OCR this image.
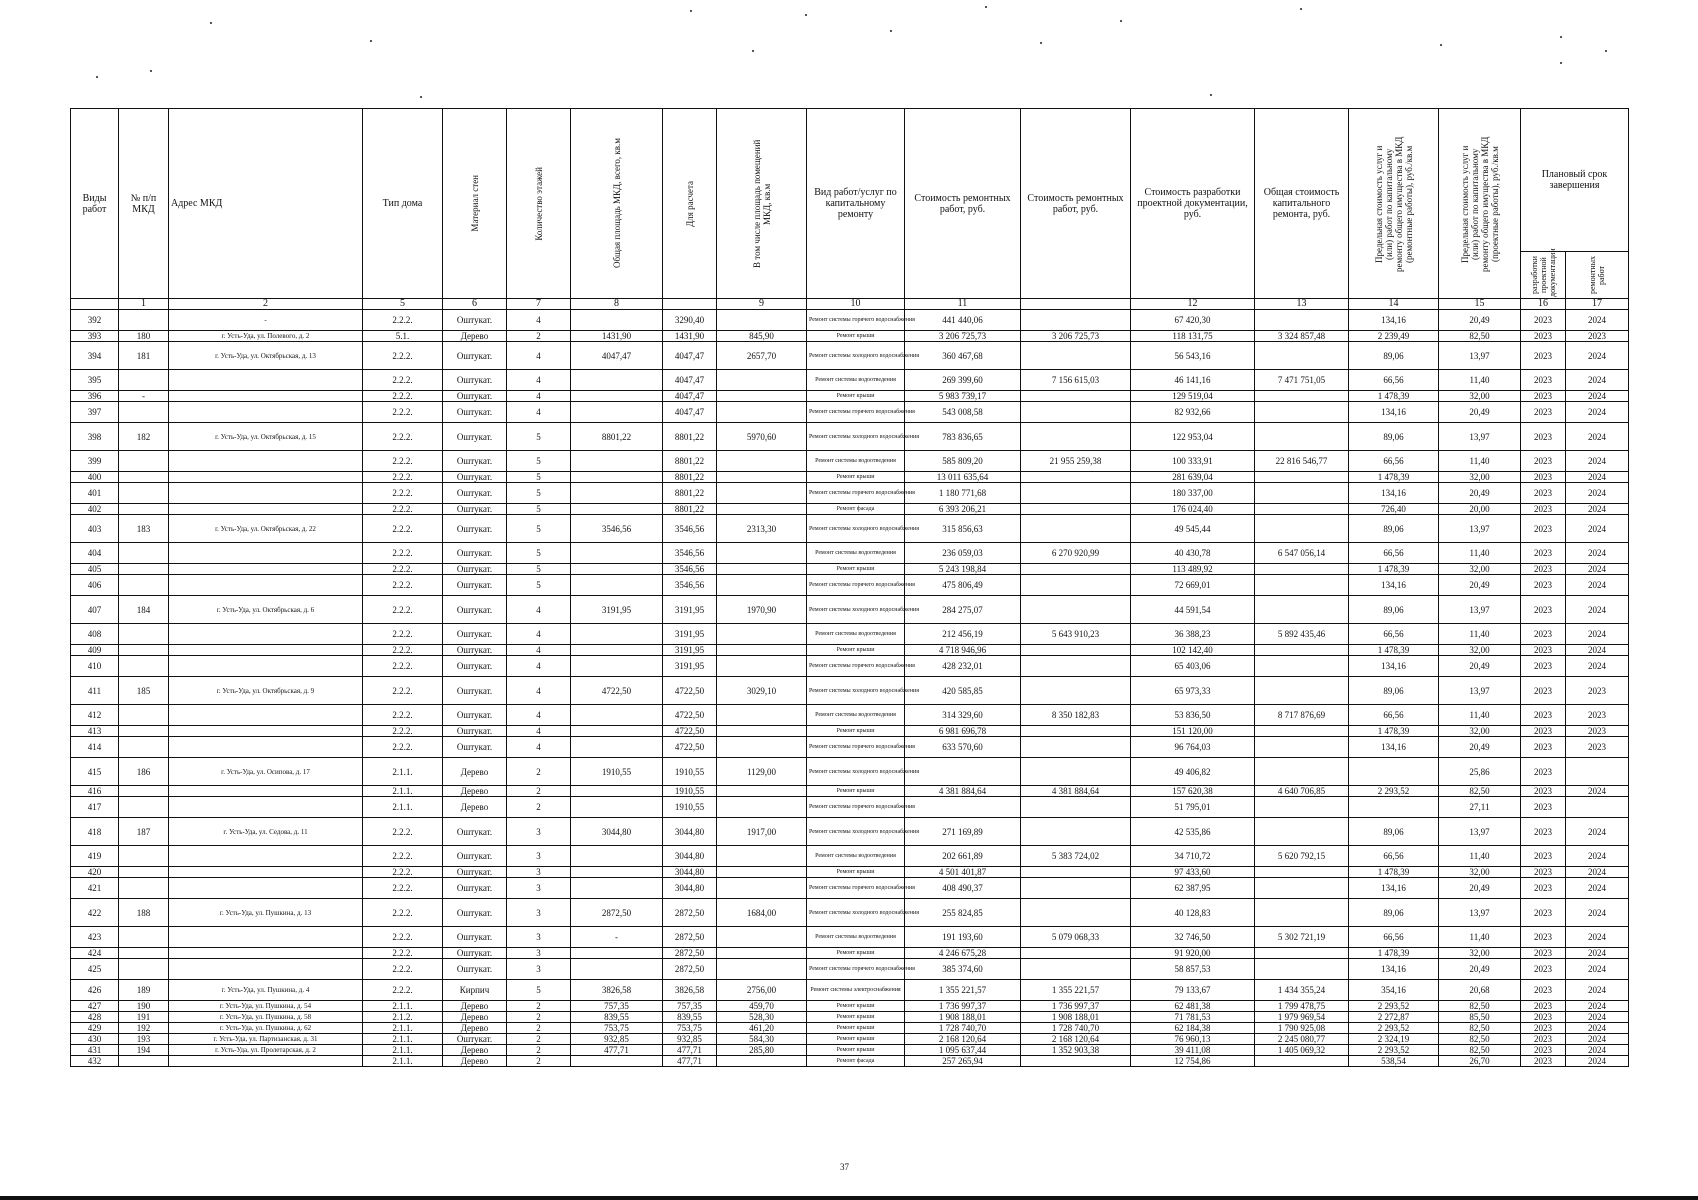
Виды работ	№ п/п МКД	Адрес МКД	Тип дома	Материал стен	Количество этажей	Общая площадь МКД, всего, кв.м	Для расчета	В том числе площадь помещений МКД, кв.м	Вид работ/услуг по капитальному ремонту	Стоимость ремонтных работ, руб.	Стоимость ремонтных работ, руб.	Стоимость разработки проектной документации, руб.	Общая стоимость капитального ремонта, руб.	Предельная стоимость услуг и (или) работ по капитальному ремонту общего имущества в МКД (ремонтные работы), руб./кв.м	Предельная стоимость услуг и (или) работ по капитальному ремонту общего имущества в МКД (проектные работы), руб./кв.м	Плановый срок завершения	

																разработки проектной документации	ремонтных работ

	1	2	5	6	7	8		9	10	11		12	13	14	15	16	17
392		-	2.2.2.	Оштукат.	4		3290,40		Ремонт системы горячего водоснабжения	441 440,06		67 420,30		134,16	20,49	2023	2024
393	180	г. Усть-Уда, ул. Полевого, д. 2	5.1.	Дерево	2	1431,90	1431,90	845,90	Ремонт крыши	3 206 725,73	3 206 725,73	118 131,75	3 324 857,48	2 239,49	82,50	2023	2023
394	181	г. Усть-Уда, ул. Октябрьская, д. 13	2.2.2.	Оштукат.	4	4047,47	4047,47	2657,70	Ремонт системы холодного водоснабжения	360 467,68		56 543,16		89,06	13,97	2023	2024
395			2.2.2.	Оштукат.	4		4047,47		Ремонт системы водоотведения	269 399,60	7 156 615,03	46 141,16	7 471 751,05	66,56	11,40	2023	2024
396	-		2.2.2.	Оштукат.	4		4047,47		Ремонт крыши	5 983 739,17		129 519,04		1 478,39	32,00	2023	2024
397			2.2.2.	Оштукат.	4		4047,47		Ремонт системы горячего водоснабжения	543 008,58		82 932,66		134,16	20,49	2023	2024
398	182	г. Усть-Уда, ул. Октябрьская, д. 15	2.2.2.	Оштукат.	5	8801,22	8801,22	5970,60	Ремонт системы холодного водоснабжения	783 836,65		122 953,04		89,06	13,97	2023	2024
399			2.2.2.	Оштукат.	5		8801,22		Ремонт системы водоотведения	585 809,20	21 955 259,38	100 333,91	22 816 546,77	66,56	11,40	2023	2024
400			2.2.2.	Оштукат.	5		8801,22		Ремонт крыши	13 011 635,64		281 639,04		1 478,39	32,00	2023	2024
401			2.2.2.	Оштукат.	5		8801,22		Ремонт системы горячего водоснабжения	1 180 771,68		180 337,00		134,16	20,49	2023	2024
402			2.2.2.	Оштукат.	5		8801,22		Ремонт фасада	6 393 206,21		176 024,40		726,40	20,00	2023	2024
403	183	г. Усть-Уда, ул. Октябрьская, д. 22	2.2.2.	Оштукат.	5	3546,56	3546,56	2313,30	Ремонт системы холодного водоснабжения	315 856,63		49 545,44		89,06	13,97	2023	2024
404			2.2.2.	Оштукат.	5		3546,56		Ремонт системы водоотведения	236 059,03	6 270 920,99	40 430,78	6 547 056,14	66,56	11,40	2023	2024
405			2.2.2.	Оштукат.	5		3546,56		Ремонт крыши	5 243 198,84		113 489,92		1 478,39	32,00	2023	2024
406			2.2.2.	Оштукат.	5		3546,56		Ремонт системы горячего водоснабжения	475 806,49		72 669,01		134,16	20,49	2023	2024
407	184	г. Усть-Уда, ул. Октябрьская, д. 6	2.2.2.	Оштукат.	4	3191,95	3191,95	1970,90	Ремонт системы холодного водоснабжения	284 275,07		44 591,54		89,06	13,97	2023	2024
408			2.2.2.	Оштукат.	4		3191,95		Ремонт системы водоотведения	212 456,19	5 643 910,23	36 388,23	5 892 435,46	66,56	11,40	2023	2024
409			2.2.2.	Оштукат.	4		3191,95		Ремонт крыши	4 718 946,96		102 142,40		1 478,39	32,00	2023	2024
410			2.2.2.	Оштукат.	4		3191,95		Ремонт системы горячего водоснабжения	428 232,01		65 403,06		134,16	20,49	2023	2024
411	185	г. Усть-Уда, ул. Октябрьская, д. 9	2.2.2.	Оштукат.	4	4722,50	4722,50	3029,10	Ремонт системы холодного водоснабжения	420 585,85		65 973,33		89,06	13,97	2023	2023
412			2.2.2.	Оштукат.	4		4722,50		Ремонт системы водоотведения	314 329,60	8 350 182,83	53 836,50	8 717 876,69	66,56	11,40	2023	2023
413			2.2.2.	Оштукат.	4		4722,50		Ремонт крыши	6 981 696,78		151 120,00		1 478,39	32,00	2023	2023
414			2.2.2.	Оштукат.	4		4722,50		Ремонт системы горячего водоснабжения	633 570,60		96 764,03		134,16	20,49	2023	2023
415	186	г. Усть-Уда, ул. Осипова, д. 17	2.1.1.	Дерево	2	1910,55	1910,55	1129,00	Ремонт системы холодного водоснабжения			49 406,82			25,86	2023	
416			2.1.1.	Дерево	2		1910,55		Ремонт крыши	4 381 884,64	4 381 884,64	157 620,38	4 640 706,85	2 293,52	82,50	2023	2024
417			2.1.1.	Дерево	2		1910,55		Ремонт системы горячего водоснабжения			51 795,01			27,11	2023	
418	187	г. Усть-Уда, ул. Седова, д. 11	2.2.2.	Оштукат.	3	3044,80	3044,80	1917,00	Ремонт системы холодного водоснабжения	271 169,89		42 535,86		89,06	13,97	2023	2024
419			2.2.2.	Оштукат.	3		3044,80		Ремонт системы водоотведения	202 661,89	5 383 724,02	34 710,72	5 620 792,15	66,56	11,40	2023	2024
420			2.2.2.	Оштукат.	3		3044,80		Ремонт крыши	4 501 401,87		97 433,60		1 478,39	32,00	2023	2024
421			2.2.2.	Оштукат.	3		3044,80		Ремонт системы горячего водоснабжения	408 490,37		62 387,95		134,16	20,49	2023	2024
422	188	г. Усть-Уда, ул. Пушкина, д. 13	2.2.2.	Оштукат.	3	2872,50	2872,50	1684,00	Ремонт системы холодного водоснабжения	255 824,85		40 128,83		89,06	13,97	2023	2024
423			2.2.2.	Оштукат.	3	-	2872,50		Ремонт системы водоотведения	191 193,60	5 079 068,33	32 746,50	5 302 721,19	66,56	11,40	2023	2024
424			2.2.2.	Оштукат.	3		2872,50		Ремонт крыши	4 246 675,28		91 920,00		1 478,39	32,00	2023	2024
425			2.2.2.	Оштукат.	3		2872,50		Ремонт системы горячего водоснабжения	385 374,60		58 857,53		134,16	20,49	2023	2024
426	189	г. Усть-Уда, ул. Пушкина, д. 4	2.2.2.	Кирпич	5	3826,58	3826,58	2756,00	Ремонт системы электроснабжения	1 355 221,57	1 355 221,57	79 133,67	1 434 355,24	354,16	20,68	2023	2024
427	190	г. Усть-Уда, ул. Пушкина, д. 54	2.1.1.	Дерево	2	757,35	757,35	459,70	Ремонт крыши	1 736 997,37	1 736 997,37	62 481,38	1 799 478,75	2 293,52	82,50	2023	2024
428	191	г. Усть-Уда, ул. Пушкина, д. 58	2.1.2.	Дерево	2	839,55	839,55	528,30	Ремонт крыши	1 908 188,01	1 908 188,01	71 781,53	1 979 969,54	2 272,87	85,50	2023	2024
429	192	г. Усть-Уда, ул. Пушкина, д. 62	2.1.1.	Дерево	2	753,75	753,75	461,20	Ремонт крыши	1 728 740,70	1 728 740,70	62 184,38	1 790 925,08	2 293,52	82,50	2023	2024
430	193	г. Усть-Уда, ул. Партизанская, д. 31	2.1.1.	Оштукат.	2	932,85	932,85	584,30	Ремонт крыши	2 168 120,64	2 168 120,64	76 960,13	2 245 080,77	2 324,19	82,50	2023	2024
431	194	г. Усть-Уда, ул. Пролетарская, д. 2	2.1.1.	Дерево	2	477,71	477,71	285,80	Ремонт крыши	1 095 637,44	1 352 903,38	39 411,08	1 405 069,32	2 293,52	82,50	2023	2024
432			2.1.1.	Дерево	2		477,71		Ремонт фасада	257 265,94		12 754,86		538,54	26,70	2023	2024
37
